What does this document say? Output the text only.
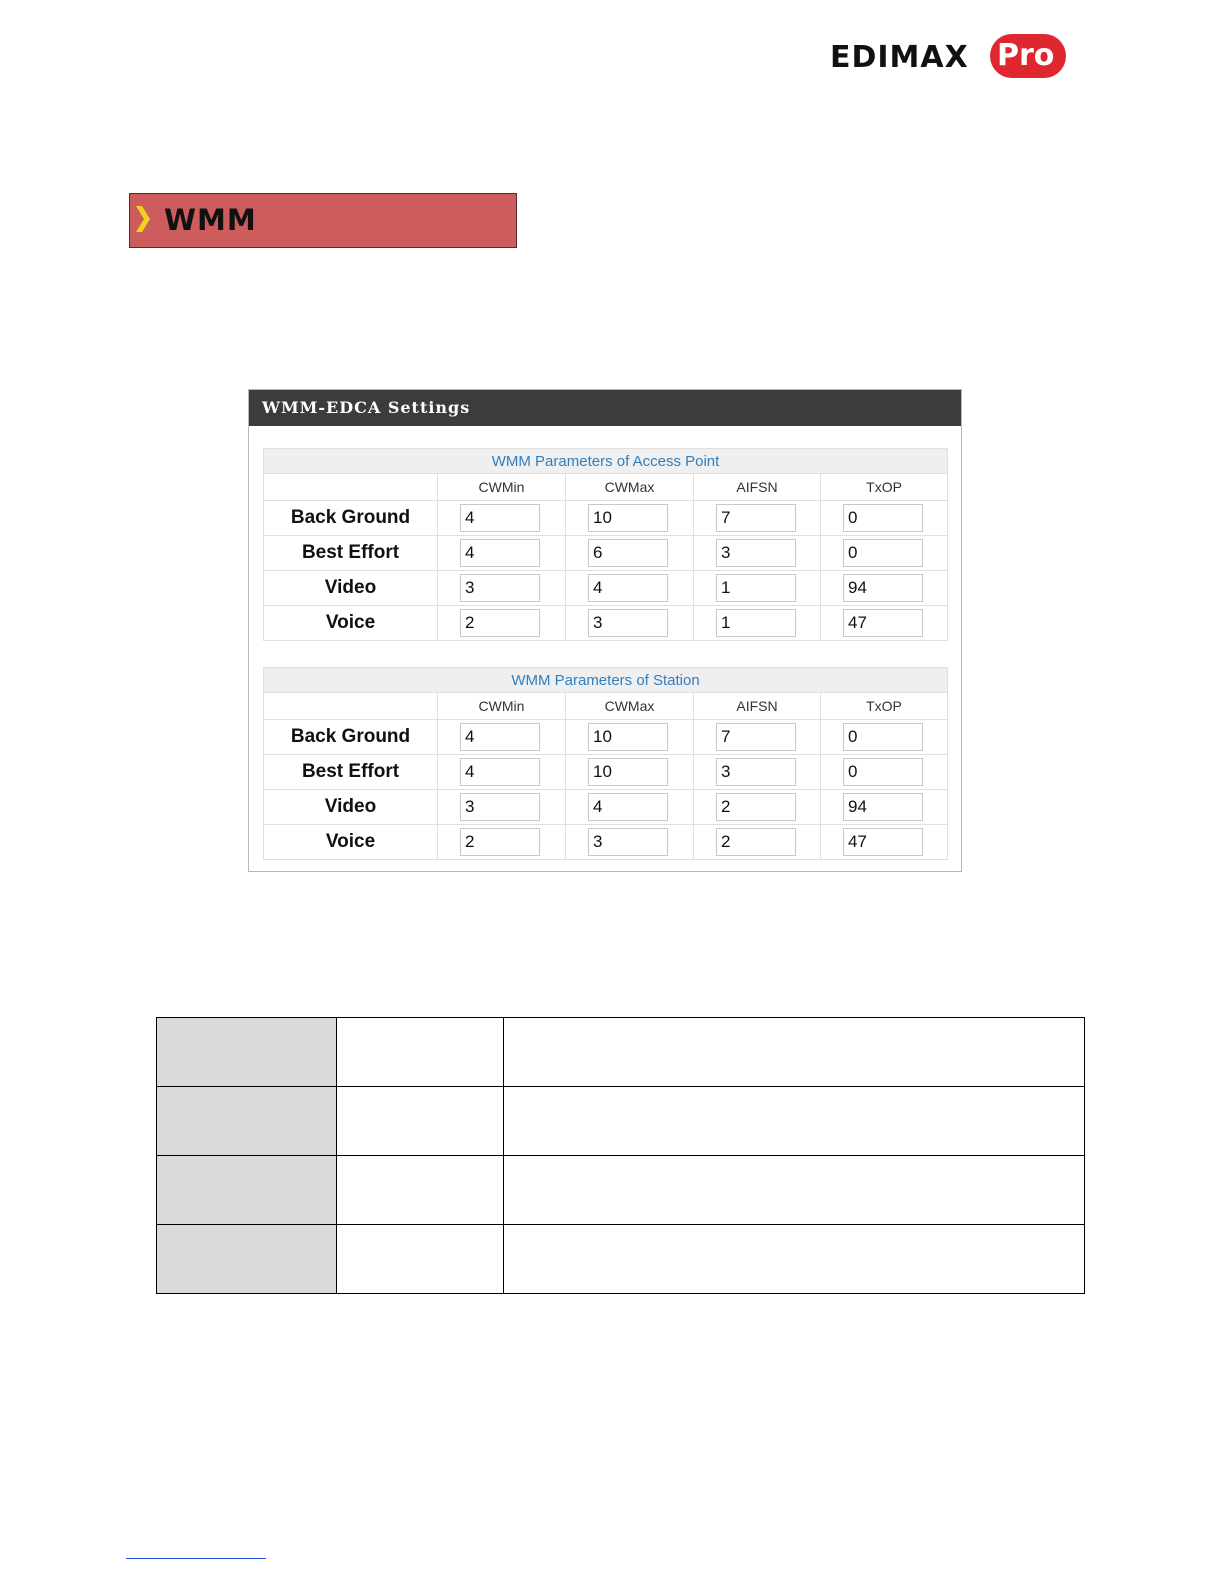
EDIMAX Pro
WMM
WMM-EDCA Settings
WMM Parameters of Access Point				
	CWMin	CWMax	AIFSN	TxOP
Back Ground	4	10	7	0
Best Effort	4	6	3	0
Video	3	4	1	94
Voice	2	3	1	47
WMM Parameters of Station				
	CWMin	CWMax	AIFSN	TxOP
Back Ground	4	10	7	0
Best Effort	4	10	3	0
Video	3	4	2	94
Voice	2	3	2	47
